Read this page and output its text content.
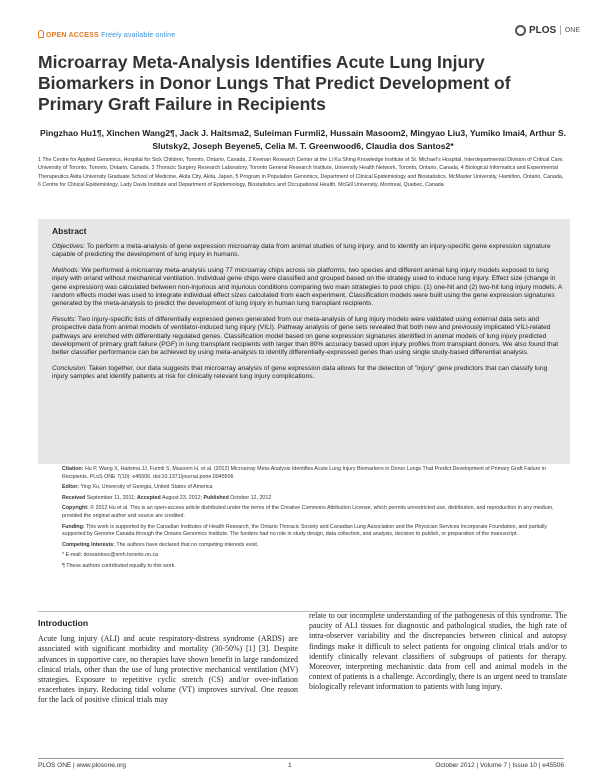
OPEN ACCESS Freely available online	PLOS | ONE
Microarray Meta-Analysis Identifies Acute Lung Injury Biomarkers in Donor Lungs That Predict Development of Primary Graft Failure in Recipients
Pingzhao Hu1¶, Xinchen Wang2¶, Jack J. Haitsma2, Suleiman Furmli2, Hussain Masoom2, Mingyao Liu3, Yumiko Imai4, Arthur S. Slutsky2, Joseph Beyene5, Celia M. T. Greenwood6, Claudia dos Santos2*
1 The Centre for Applied Genomics, Hospital for Sick Children, Toronto, Ontario, Canada, 2 Keenan Research Center at the Li Ka Shing Knowledge Institute of St. Michael's Hospital, Interdepartmental Division of Critical Care, University of Toronto, Toronto, Ontario, Canada, 3 Thoracic Surgery Research Laboratory, Toronto General Research Institute, University Health Network, Toronto, Ontario, Canada, 4 Biological Informatics and Experimental Therapeutics Akita University Graduate School of Medicine, Akita City, Akita, Japan, 5 Program in Population Genomics, Department of Clinical Epidemiology and Biostatistics, McMaster University, Hamilton, Ontario, Canada, 6 Centre for Clinical Epidemiology, Lady Davis Institute and Department of Epidemiology, Biostatistics and Occupational Health, McGill University, Montreal, Quebec, Canada
Abstract

Objectives: To perform a meta-analysis of gene expression microarray data from animal studies of lung injury, and to identify an injury-specific gene expression signature capable of predicting the development of lung injury in humans.

Methods: We performed a microarray meta-analysis using 77 microarray chips across six platforms, two species and different animal lung injury models exposed to lung injury with or/and without mechanical ventilation. Individual gene chips were classified and grouped based on the strategy used to induce lung injury. Effect size (change in gene expression) was calculated between non-injurious and injurious conditions comparing two main strategies to pool chips: (1) one-hit and (2) two-hit lung injury models. A random effects model was used to integrate individual effect sizes calculated from each experiment. Classification models were built using the gene expression signatures generated by the meta-analysis to predict the development of lung injury in human lung transplant recipients.

Results: Two injury-specific lists of differentially expressed genes generated from our meta-analysis of lung injury models were validated using external data sets and prospective data from animal models of ventilator-induced lung injury (VILI). Pathway analysis of gene sets revealed that both new and previously implicated VILI-related pathways are enriched with differentially regulated genes. Classification model based on gene expression signatures identified in animal models of lung injury predicted development of primary graft failure (PGF) in lung transplant recipients with larger than 80% accuracy based upon injury profiles from transplant donors. We also found that better classifier performance can be achieved by using meta-analysis to identify differentially-expressed genes than using single study-based differential analysis.

Conclusion: Taken together, our data suggests that microarray analysis of gene expression data allows for the detection of "injury" gene predictors that can classify lung injury samples and identify patients at risk for clinically relevant lung injury complications.

Citation: Hu P, Wang X, Haitsma JJ, Furmli S, Masoom H, et al. (2012) Microarray Meta-Analysis Identifies Acute Lung Injury Biomarkers in Donor Lungs That Predict Development of Primary Graft Failure in Recipients. PLoS ONE 7(10): e45506. doi:10.1371/journal.pone.0045506

Editor: Ying Xu, University of Georgia, United States of America

Received September 11, 2011; Accepted August 23, 2012; Published October 12, 2012

Copyright: © 2012 Hu et al. This is an open-access article distributed under the terms of the Creative Commons Attribution License, which permits unrestricted use, distribution, and reproduction in any medium, provided the original author and source are credited.

Funding: This work is supported by the Canadian Institutes of Health Research, the Ontario Thoracic Society and Canadian Lung Association and the Physician Services Incorporate Foundation, and partially supported by Genome Canada through the Ontario Genomics Institute. The funders had no role in study design, data collection, and analysis, decision to publish, or preparation of the manuscript.

Competing Interests: The authors have declared that no competing interests exist.

* E-mail: dossantosc@smh.toronto.on.ca

¶ These authors contributed equally to this work.

Introduction

Acute lung injury (ALI) and acute respiratory-distress syndrome (ARDS) are associated with significant morbidity and mortality (30-50%) [1] [3]. Despite advances in supportive care, no therapies have shown benefit in large randomized clinical trials, other than the use of lung protective mechanical ventilation (MV) strategies. Exposure to repetitive cyclic stretch (CS) and/or over-inflation exacerbates injury. Reducing tidal volume (VT) improves survival. One reason for the lack of positive clinical trials may

relate to our incomplete understanding of the pathogenesis of this syndrome. The paucity of ALI tissues for diagnostic and pathological studies, the high rate of intra-observer variability and the discrepancies between clinical and autopsy findings make it difficult to select patients for ongoing clinical trials and/or to identify clinically relevant classifiers of subgroups of patients for therapy. Moreover, interpreting mechanistic data from cell and animal models in the context of patients is a challenge. Accordingly, there is an urgent need to translate biologically relevant information to patients with lung injury.

PLOS ONE | www.plosone.org	1	October 2012 | Volume 7 | Issue 10 | e45506
